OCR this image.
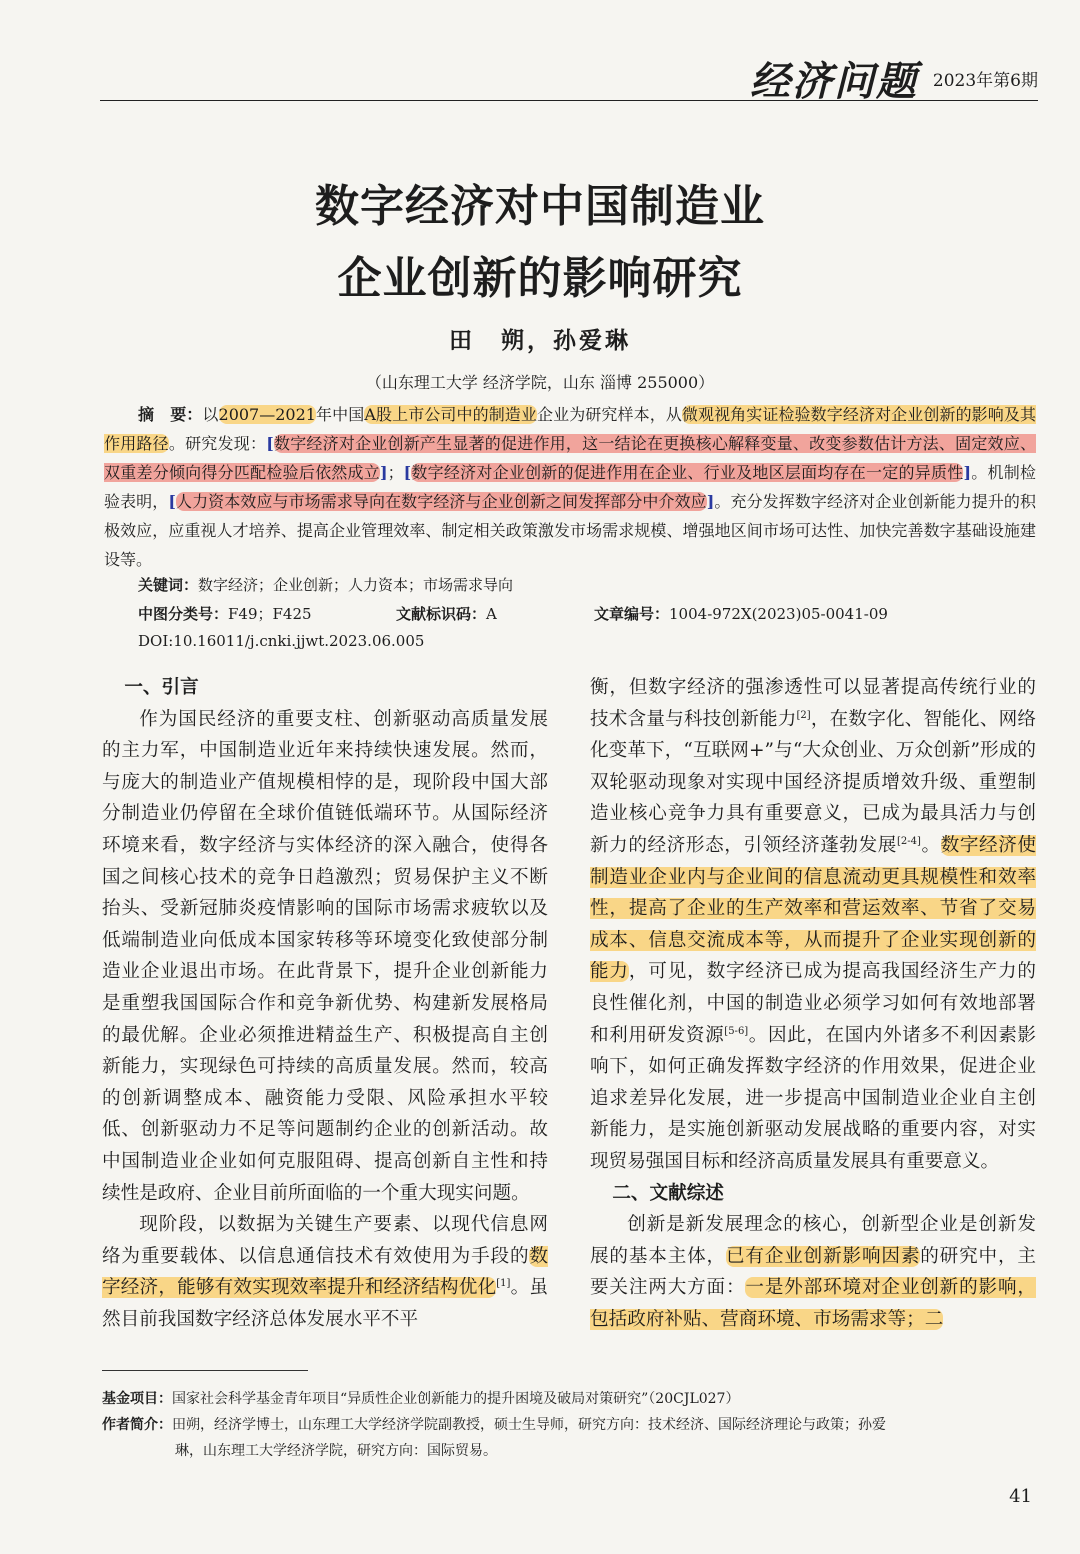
经济问题 2023年第6期
数字经济对中国制造业
企业创新的影响研究
田　朔，孙爱琳
（山东理工大学 经济学院，山东 淄博 255000）
摘　要：以2007—2021年中国A股上市公司中的制造业企业为研究样本，从微观视角实证检验数字经济对企业创新的影响及其作用路径。研究发现：[数字经济对企业创新产生显著的促进作用，这一结论在更换核心解释变量、改变参数估计方法、固定效应、双重差分倾向得分匹配检验后依然成立]；[数字经济对企业创新的促进作用在企业、行业及地区层面均存在一定的异质性]。机制检验表明，[人力资本效应与市场需求导向在数字经济与企业创新之间发挥部分中介效应]。充分发挥数字经济对企业创新能力提升的积极效应，应重视人才培养、提高企业管理效率、制定相关政策激发市场需求规模、增强地区间市场可达性、加快完善数字基础设施建设等。
关键词：数字经济；企业创新；人力资本；市场需求导向
中图分类号：F49；F425	文献标识码：A	文章编号：1004-972X(2023)05-0041-09
DOI:10.16011/j.cnki.jjwt.2023.06.005
一、引言

作为国民经济的重要支柱、创新驱动高质量发展的主力军，中国制造业近年来持续快速发展。然而，与庞大的制造业产值规模相悖的是，现阶段中国大部分制造业仍停留在全球价值链低端环节。从国际经济环境来看，数字经济与实体经济的深入融合，使得各国之间核心技术的竞争日趋激烈；贸易保护主义不断抬头、受新冠肺炎疫情影响的国际市场需求疲软以及低端制造业向低成本国家转移等环境变化致使部分制造业企业退出市场。在此背景下，提升企业创新能力是重塑我国国际合作和竞争新优势、构建新发展格局的最优解。企业必须推进精益生产、积极提高自主创新能力，实现绿色可持续的高质量发展。然而，较高的创新调整成本、融资能力受限、风险承担水平较低、创新驱动力不足等问题制约企业的创新活动。故中国制造业企业如何克服阻碍、提高创新自主性和持续性是政府、企业目前所面临的一个重大现实问题。

现阶段，以数据为关键生产要素、以现代信息网络为重要载体、以信息通信技术有效使用为手段的数字经济，能够有效实现效率提升和经济结构优化[1]。虽然目前我国数字经济总体发展水平不平

衡，但数字经济的强渗透性可以显著提高传统行业的技术含量与科技创新能力[2]，在数字化、智能化、网络化变革下，“互联网+”与“大众创业、万众创新”形成的双轮驱动现象对实现中国经济提质增效升级、重塑制造业核心竞争力具有重要意义，已成为最具活力与创新力的经济形态，引领经济蓬勃发展[2-4]。数字经济使制造业企业内与企业间的信息流动更具规模性和效率性，提高了企业的生产效率和营运效率、节省了交易成本、信息交流成本等，从而提升了企业实现创新的能力，可见，数字经济已成为提高我国经济生产力的良性催化剂，中国的制造业必须学习如何有效地部署和利用研发资源[5-6]。因此，在国内外诸多不利因素影响下，如何正确发挥数字经济的作用效果，促进企业追求差异化发展，进一步提高中国制造业企业自主创新能力，是实施创新驱动发展战略的重要内容，对实现贸易强国目标和经济高质量发展具有重要意义。

二、文献综述

创新是新发展理念的核心，创新型企业是创新发展的基本主体，已有企业创新影响因素的研究中，主要关注两大方面：一是外部环境对企业创新的影响，包括政府补贴、营商环境、市场需求等；二

基金项目：国家社会科学基金青年项目“异质性企业创新能力的提升困境及破局对策研究”（20CJL027）
作者简介：田朔，经济学博士，山东理工大学经济学院副教授，硕士生导师，研究方向：技术经济、国际经济理论与政策；孙爱
琳，山东理工大学经济学院，研究方向：国际贸易。
41
